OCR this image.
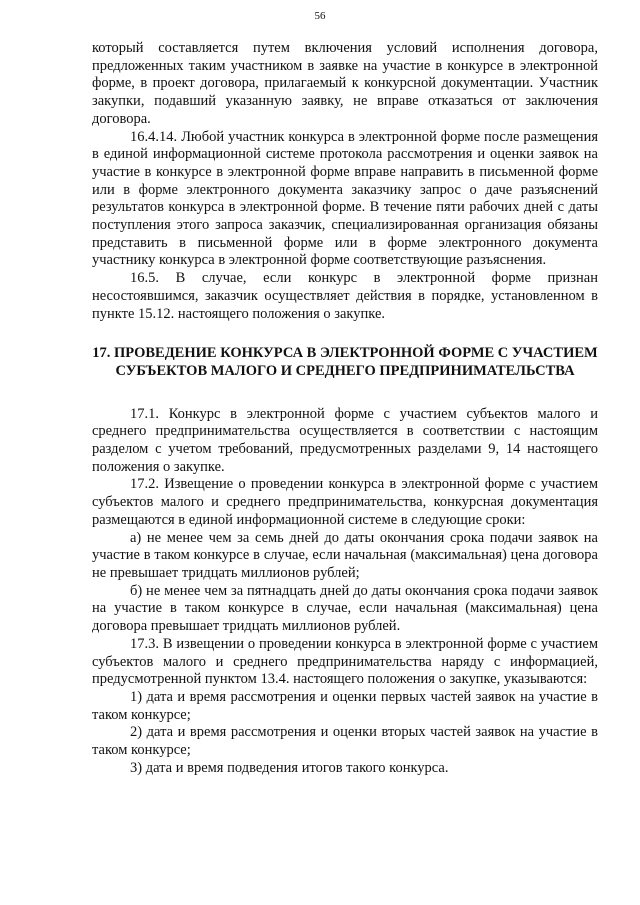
56

который составляется путем включения условий исполнения договора, предложенных таким участником в заявке на участие в конкурсе в электронной форме, в проект договора, прилагаемый к конкурсной документации. Участник закупки, подавший указанную заявку, не вправе отказаться от заключения договора.

16.4.14. Любой участник конкурса в электронной форме после размещения в единой информационной системе протокола рассмотрения и оценки заявок на участие в конкурсе в электронной форме вправе направить в письменной форме или в форме электронного документа заказчику запрос о даче разъяснений результатов конкурса в электронной форме. В течение пяти рабочих дней с даты поступления этого запроса заказчик, специализированная организация обязаны представить в письменной форме или в форме электронного документа участнику конкурса в электронной форме соответствующие разъяснения.

16.5. В случае, если конкурс в электронной форме признан несостоявшимся, заказчик осуществляет действия в порядке, установленном в пункте 15.12. настоящего положения о закупке.

17. ПРОВЕДЕНИЕ КОНКУРСА В ЭЛЕКТРОННОЙ ФОРМЕ С УЧАСТИЕМ СУБЪЕКТОВ МАЛОГО И СРЕДНЕГО ПРЕДПРИНИМАТЕЛЬСТВА

17.1. Конкурс в электронной форме с участием субъектов малого и среднего предпринимательства осуществляется в соответствии с настоящим разделом с учетом требований, предусмотренных разделами 9, 14 настоящего положения о закупке.

17.2. Извещение о проведении конкурса в электронной форме с участием субъектов малого и среднего предпринимательства, конкурсная документация размещаются в единой информационной системе в следующие сроки:

а) не менее чем за семь дней до даты окончания срока подачи заявок на участие в таком конкурсе в случае, если начальная (максимальная) цена договора не превышает тридцать миллионов рублей;

б) не менее чем за пятнадцать дней до даты окончания срока подачи заявок на участие в таком конкурсе в случае, если начальная (максимальная) цена договора превышает тридцать миллионов рублей.

17.3. В извещении о проведении конкурса в электронной форме с участием субъектов малого и среднего предпринимательства наряду с информацией, предусмотренной пунктом 13.4. настоящего положения о закупке, указываются:

1) дата и время рассмотрения и оценки первых частей заявок на участие в таком конкурсе;

2) дата и время рассмотрения и оценки вторых частей заявок на участие в таком конкурсе;

3) дата и время подведения итогов такого конкурса.
